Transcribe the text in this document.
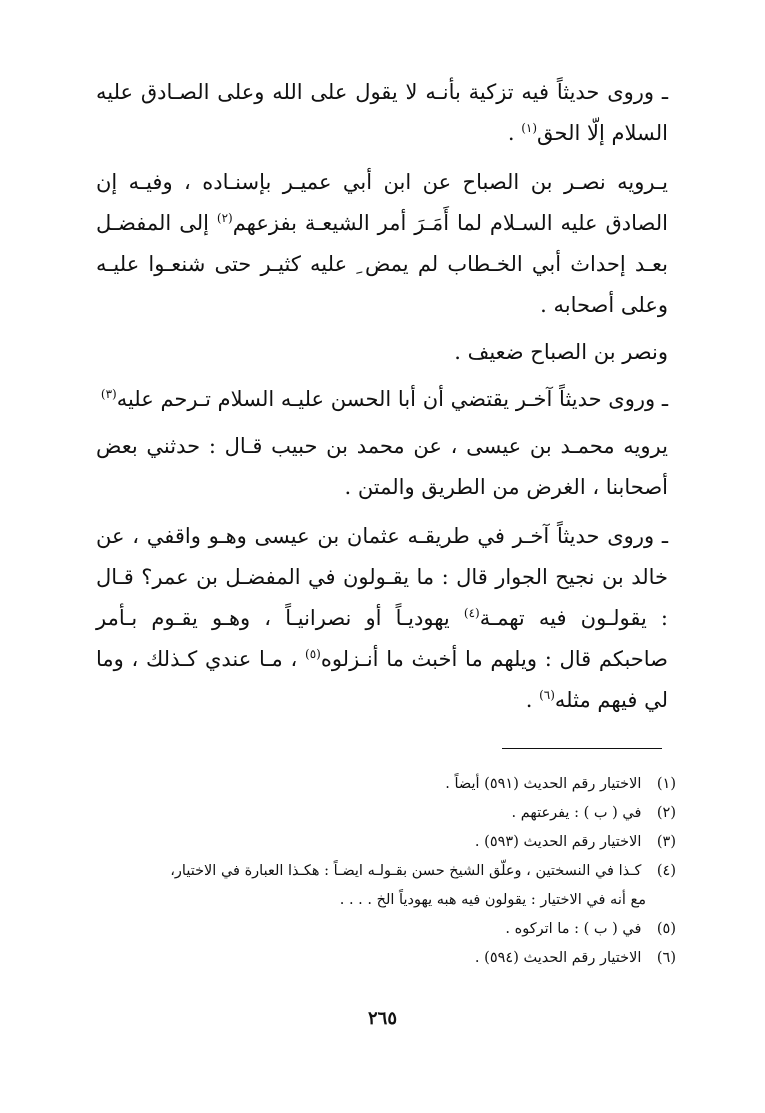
ـ وروى حديثاً فيه تزكية بأنـه لا يقول على الله وعلى الصـادق عليه السلام إلّا الحق$^{(١)}$ .

يـرويه نصـر بن الصباح عن ابن أبي عميـر بإسنـاده ، وفيـه إن الصادق عليه السـلام لما أَمَـرَ أمر الشيعـة بفزعهم$^{(٢)}$ إلى المفضـل بعـد إحداث أبي الخـطاب لم يمض ِ عليه كثيـر حتى شنعـوا عليـه وعلى أصحابه .

ونصر بن الصباح ضعيف .

ـ وروى حديثاً آخـر يقتضي أن أبا الحسن عليـه السلام تـرحم عليه$^{(٣)}$

يرويه محمـد بن عيسى ، عن محمد بن حبيب قـال : حدثني بعض أصحابنا ، الغرض من الطريق والمتن .

ـ وروى حديثاً آخـر في طريقـه عثمان بن عيسى وهـو واقفي ، عن خالد بن نجيح الجوار قال : ما يقـولون في المفضـل بن عمر؟ قـال : يقولـون فيه تهمـة$^{(٤)}$ يهوديـاً أو نصرانيـاً ، وهـو يقـوم بـأمر صاحبكم قال : ويلهم ما أخبث ما أنـزلوه$^{(٥)}$ ، مـا عندي كـذلك ، وما لي فيهم مثله$^{(٦)}$ .

(١) الاختيار رقم الحديث (٥٩١) أيضاً .

(٢) في ( ب ) : يفرعتهم .

(٣) الاختيار رقم الحديث (٥٩٣) .

(٤) كـذا في النسختين ، وعلّق الشيخ حسن بقـولـه ايضـاً : هكـذا العبارة في الاختيار،

مع أنه في الاختيار : يقولون فيه هبه يهودياً الخ . . . .

(٥) في ( ب ) : ما اتركوه .

(٦) الاختيار رقم الحديث (٥٩٤) .

٢٦٥
